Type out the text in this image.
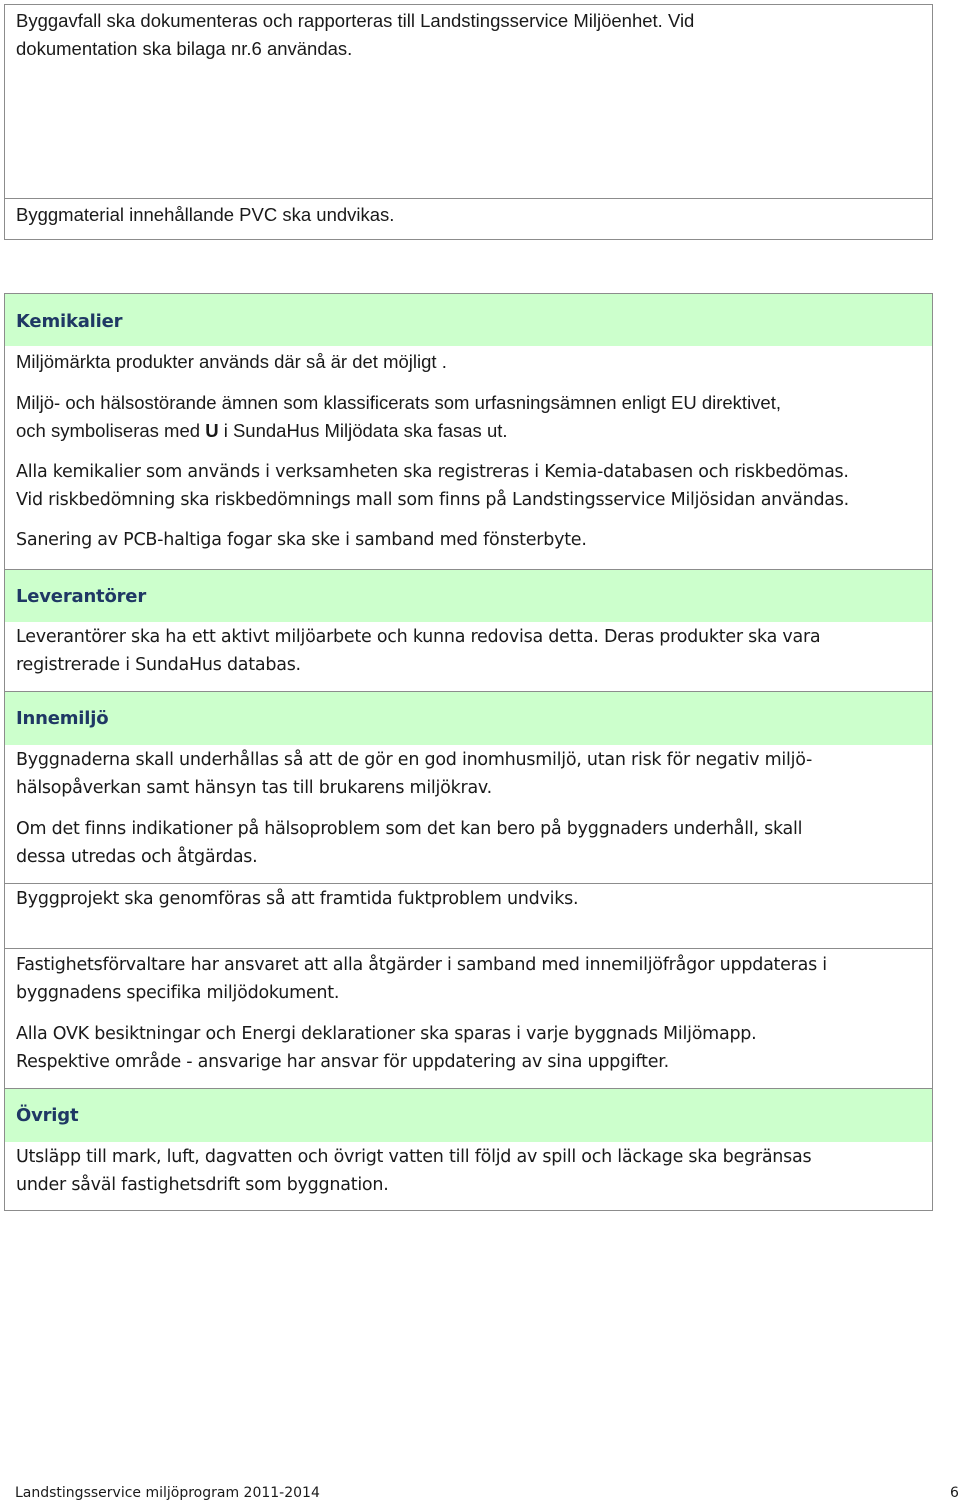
Byggavfall ska dokumenteras och rapporteras till Landstingsservice Miljöenhet. Vid
dokumentation ska bilaga nr.6 användas.
Byggmaterial innehållande PVC ska undvikas.
Kemikalier
Miljömärkta produkter används där så är det möjligt .
Miljö- och hälsostörande ämnen som klassificerats som urfasningsämnen enligt EU direktivet,
och symboliseras med U i SundaHus Miljödata ska fasas ut.
Alla kemikalier som används i verksamheten ska registreras i Kemia-databasen och riskbedömas.
Vid riskbedömning ska riskbedömnings mall som finns på Landstingsservice Miljösidan användas.
Sanering av PCB-haltiga fogar ska ske i samband med fönsterbyte.
Leverantörer
Leverantörer ska ha ett aktivt miljöarbete och kunna redovisa detta. Deras produkter ska vara
registrerade i SundaHus databas.
Innemiljö
Byggnaderna skall underhållas så att de gör en god inomhusmiljö, utan risk för negativ miljö-
hälsopåverkan samt hänsyn tas till brukarens miljökrav.
Om det finns indikationer på hälsoproblem som det kan bero på byggnaders underhåll, skall
dessa utredas och åtgärdas.
Byggprojekt ska genomföras så att framtida fuktproblem undviks.
Fastighetsförvaltare har ansvaret att alla åtgärder i samband med innemiljöfrågor uppdateras i
byggnadens specifika miljödokument.
Alla OVK besiktningar och Energi deklarationer ska sparas i varje byggnads Miljömapp.
Respektive område - ansvarige har ansvar för uppdatering av sina uppgifter.
Övrigt
Utsläpp till mark, luft, dagvatten och övrigt vatten till följd av spill och läckage ska begränsas
under såväl fastighetsdrift som byggnation.
Landstingsservice miljöprogram 2011-2014	6
